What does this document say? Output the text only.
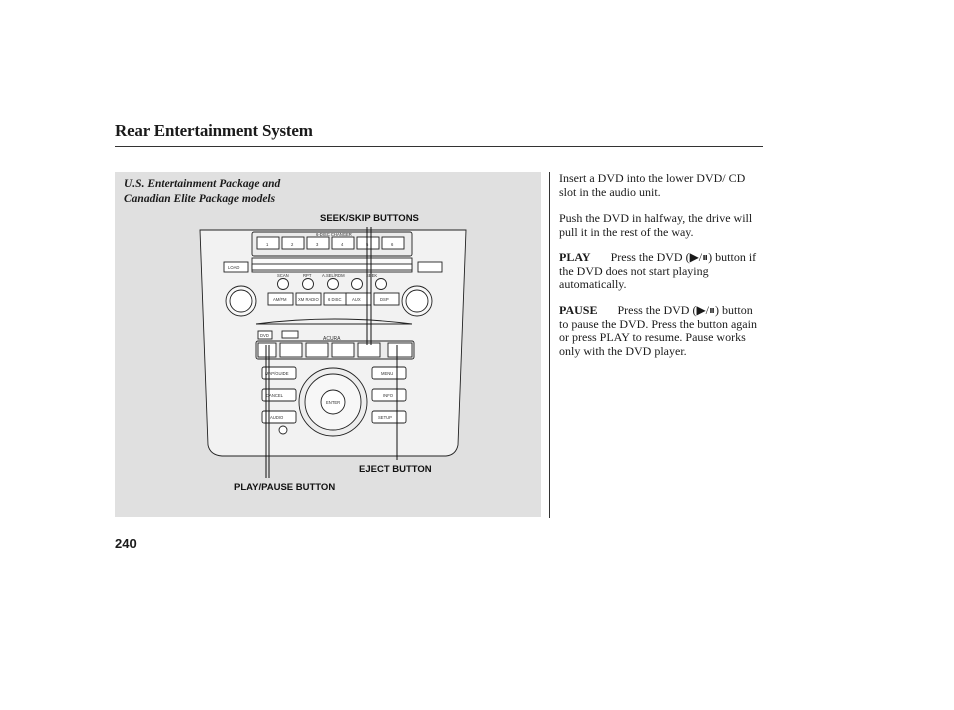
Rear Entertainment System
U.S. Entertainment Package and
Canadian Elite Package models
SEEK/SKIP BUTTONS
EJECT BUTTON
PLAY/PAUSE BUTTON
6-DISC CHANGER
1	2	3	4	5	6
LOAD
SCAN	RPT	A.SEL/RDM	SEEK
AM/FM	XM RADIO 6 DISC	AUX	DSP
ACURA
DVD
MAP/GUIDE	MENU
CANCEL	INFO
AUDIO	SETUP
ENTER
Insert a DVD into the lower DVD/ CD slot in the audio unit.
Push the DVD in halfway, the drive will pull it in the rest of the way.
PLAY Press the DVD (▶/⏸) button if the DVD does not start playing automatically.
PAUSE Press the DVD (▶/⏸) button to pause the DVD. Press the button again or press PLAY to resume. Pause works only with the DVD player.
240
